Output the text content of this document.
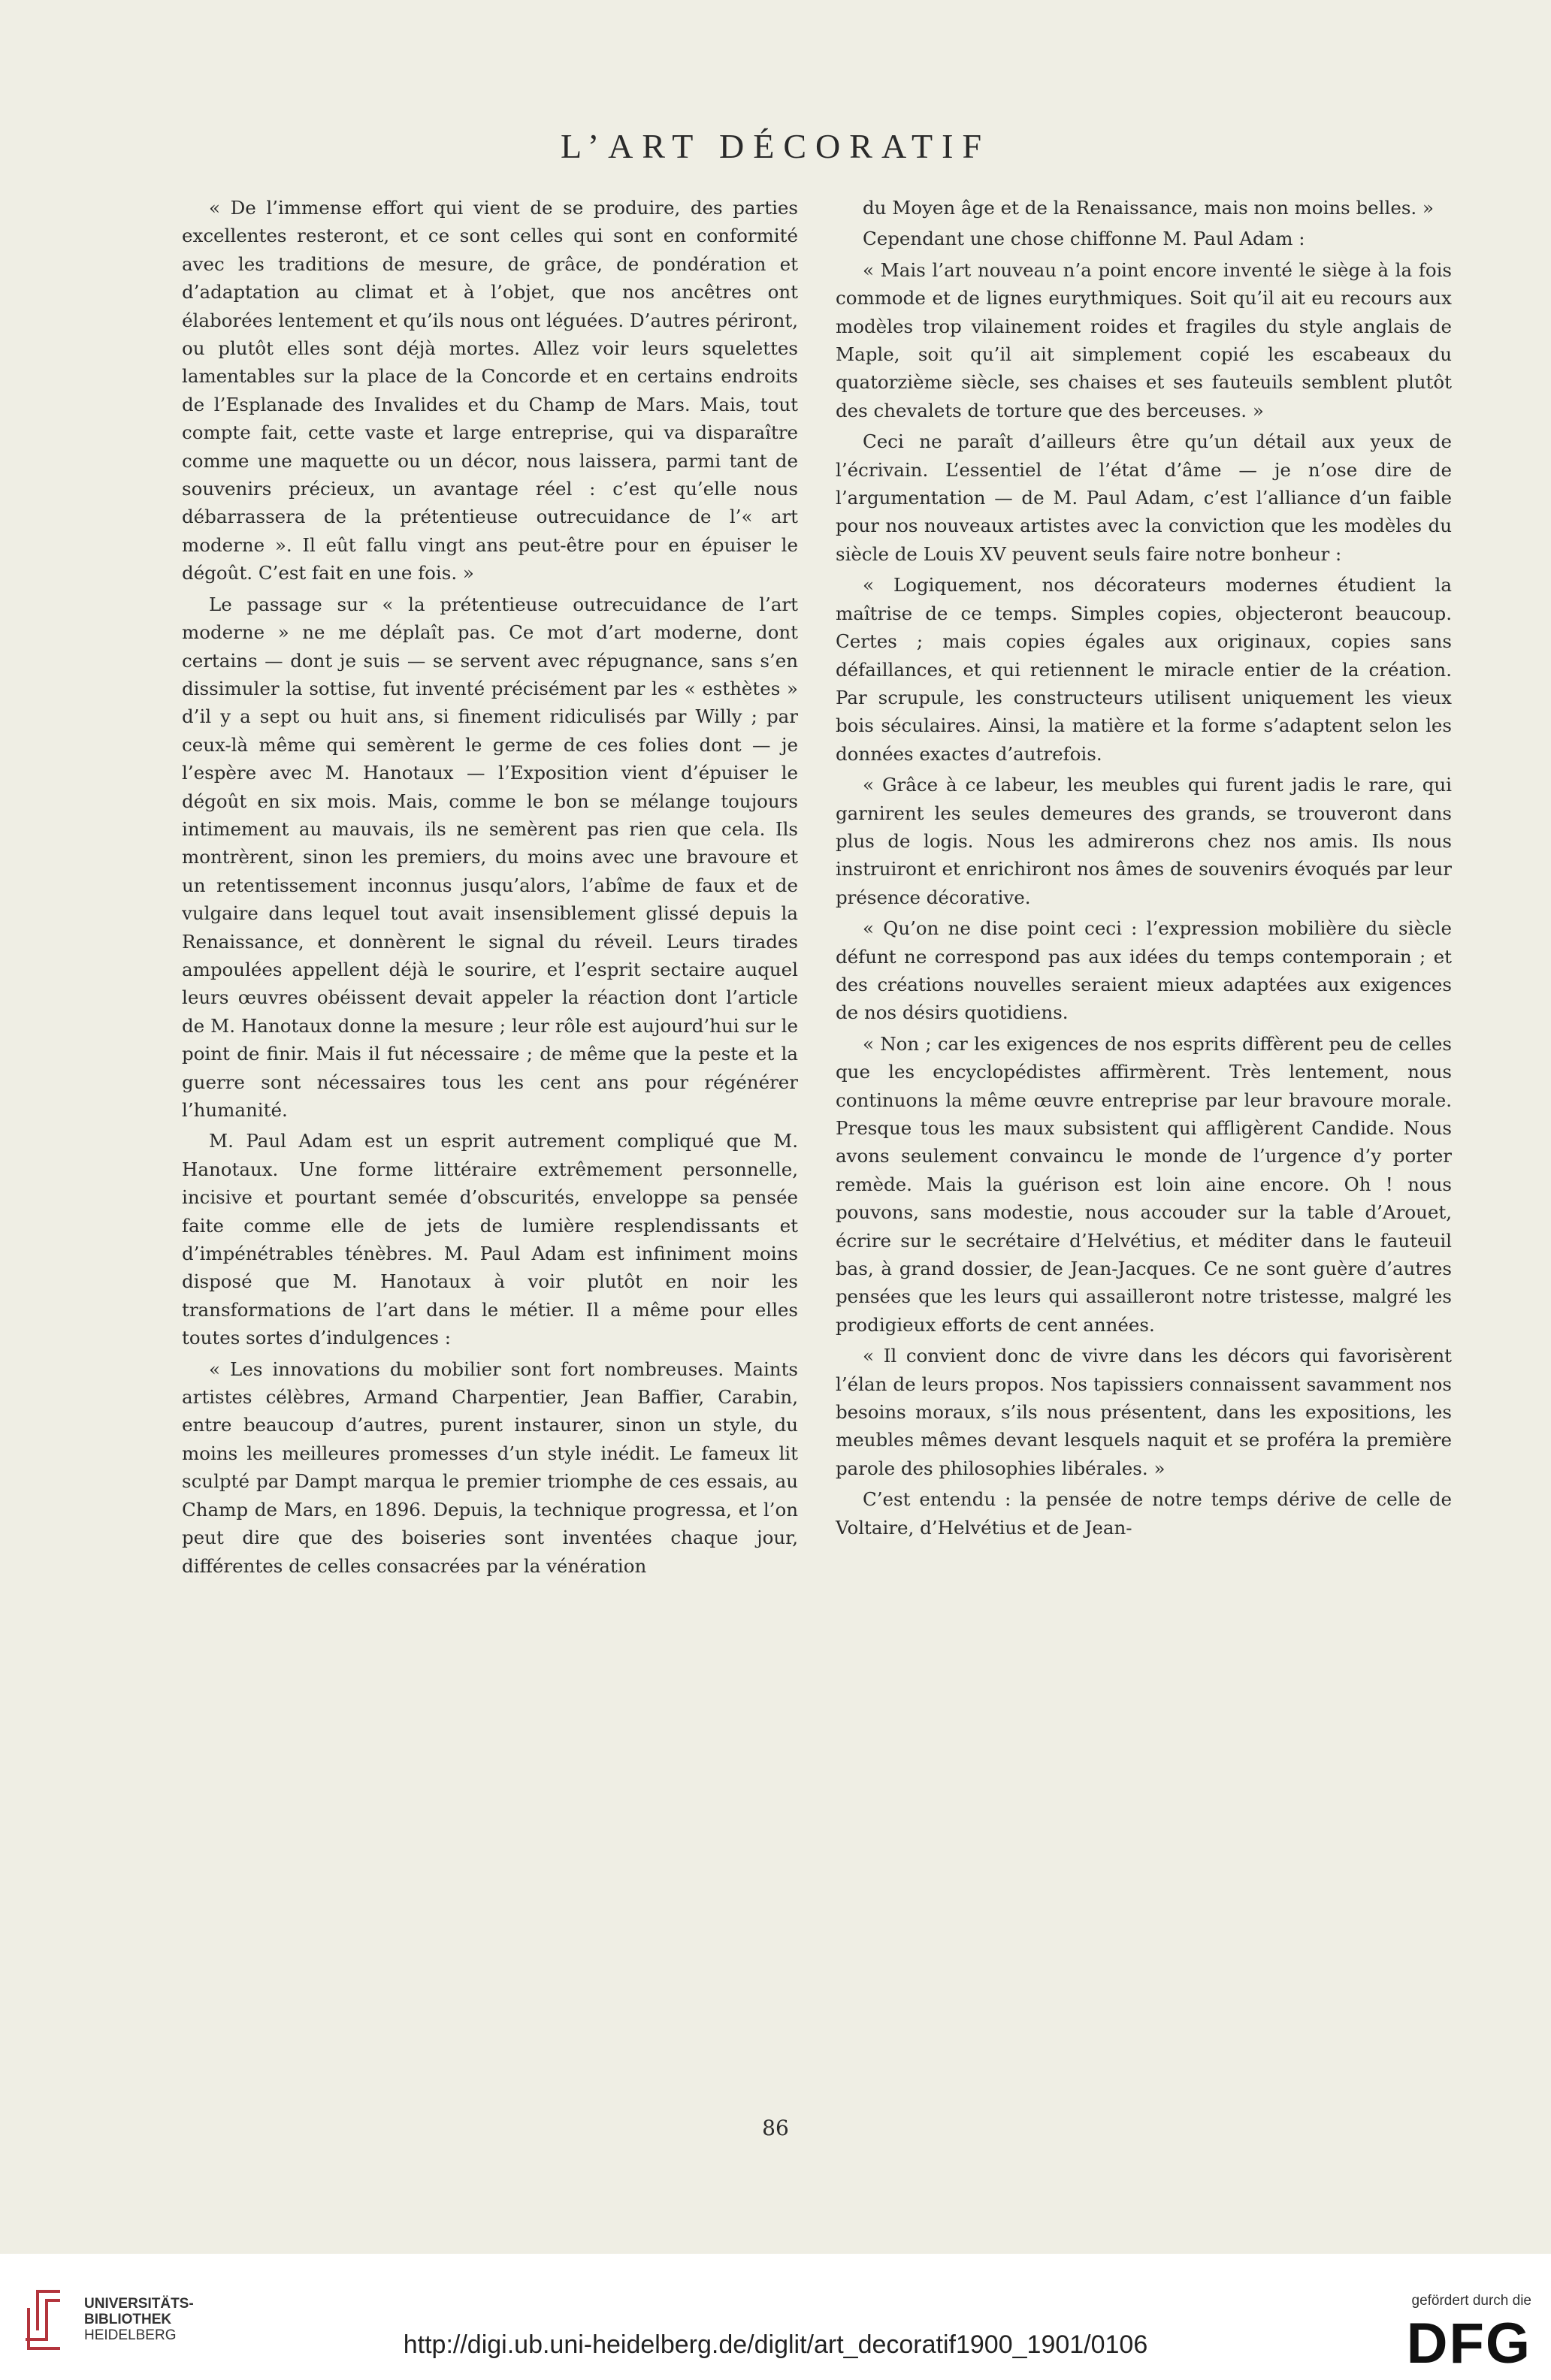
L’ART DÉCORATIF

« De l’immense effort qui vient de se produire, des parties excellentes resteront, et ce sont celles qui sont en conformité avec les traditions de mesure, de grâce, de pondération et d’adaptation au climat et à l’objet, que nos ancêtres ont élaborées lentement et qu’ils nous ont léguées. D’autres périront, ou plutôt elles sont déjà mortes. Allez voir leurs squelettes lamentables sur la place de la Concorde et en certains endroits de l’Esplanade des Invalides et du Champ de Mars. Mais, tout compte fait, cette vaste et large entreprise, qui va disparaître comme une maquette ou un décor, nous laissera, parmi tant de souvenirs précieux, un avantage réel : c’est qu’elle nous débarrassera de la prétentieuse outrecuidance de l’« art moderne ». Il eût fallu vingt ans peut-être pour en épuiser le dégoût. C’est fait en une fois. »

Le passage sur « la prétentieuse outrecuidance de l’art moderne » ne me déplaît pas. Ce mot d’art moderne, dont certains — dont je suis — se servent avec répugnance, sans s’en dissimuler la sottise, fut inventé précisément par les « esthètes » d’il y a sept ou huit ans, si finement ridiculisés par Willy ; par ceux-là même qui semèrent le germe de ces folies dont — je l’espère avec M. Hanotaux — l’Exposition vient d’épuiser le dégoût en six mois. Mais, comme le bon se mélange toujours intimement au mauvais, ils ne semèrent pas rien que cela. Ils montrèrent, sinon les premiers, du moins avec une bravoure et un retentissement inconnus jusqu’alors, l’abîme de faux et de vulgaire dans lequel tout avait insensiblement glissé depuis la Renaissance, et donnèrent le signal du réveil. Leurs tirades ampoulées appellent déjà le sourire, et l’esprit sectaire auquel leurs œuvres obéissent devait appeler la réaction dont l’article de M. Hanotaux donne la mesure ; leur rôle est aujourd’hui sur le point de finir. Mais il fut nécessaire ; de même que la peste et la guerre sont nécessaires tous les cent ans pour régénérer l’humanité.

M. Paul Adam est un esprit autrement compliqué que M. Hanotaux. Une forme littéraire extrêmement personnelle, incisive et pourtant semée d’obscurités, enveloppe sa pensée faite comme elle de jets de lumière resplendissants et d’impénétrables ténèbres. M. Paul Adam est infiniment moins disposé que M. Hanotaux à voir plutôt en noir les transformations de l’art dans le métier. Il a même pour elles toutes sortes d’indulgences :

« Les innovations du mobilier sont fort nombreuses. Maints artistes célèbres, Armand Charpentier, Jean Baffier, Carabin, entre beaucoup d’autres, purent instaurer, sinon un style, du moins les meilleures promesses d’un style inédit. Le fameux lit sculpté par Dampt marqua le premier triomphe de ces essais, au Champ de Mars, en 1896. Depuis, la technique progressa, et l’on peut dire que des boiseries sont inventées chaque jour, différentes de celles consacrées par la vénération

du Moyen âge et de la Renaissance, mais non moins belles. »

Cependant une chose chiffonne M. Paul Adam :

« Mais l’art nouveau n’a point encore inventé le siège à la fois commode et de lignes eurythmiques. Soit qu’il ait eu recours aux modèles trop vilainement roides et fragiles du style anglais de Maple, soit qu’il ait simplement copié les escabeaux du quatorzième siècle, ses chaises et ses fauteuils semblent plutôt des chevalets de torture que des berceuses. »

Ceci ne paraît d’ailleurs être qu’un détail aux yeux de l’écrivain. L’essentiel de l’état d’âme — je n’ose dire de l’argumentation — de M. Paul Adam, c’est l’alliance d’un faible pour nos nouveaux artistes avec la conviction que les modèles du siècle de Louis XV peuvent seuls faire notre bonheur :

« Logiquement, nos décorateurs modernes étudient la maîtrise de ce temps. Simples copies, objecteront beaucoup. Certes ; mais copies égales aux originaux, copies sans défaillances, et qui retiennent le miracle entier de la création. Par scrupule, les constructeurs utilisent uniquement les vieux bois séculaires. Ainsi, la matière et la forme s’adaptent selon les données exactes d’autrefois.

« Grâce à ce labeur, les meubles qui furent jadis le rare, qui garnirent les seules demeures des grands, se trouveront dans plus de logis. Nous les admirerons chez nos amis. Ils nous instruiront et enrichiront nos âmes de souvenirs évoqués par leur présence décorative.

« Qu’on ne dise point ceci : l’expression mobilière du siècle défunt ne correspond pas aux idées du temps contemporain ; et des créations nouvelles seraient mieux adaptées aux exigences de nos désirs quotidiens.

« Non ; car les exigences de nos esprits diffèrent peu de celles que les encyclopédistes affirmèrent. Très lentement, nous continuons la même œuvre entreprise par leur bravoure morale. Presque tous les maux subsistent qui affligèrent Candide. Nous avons seulement convaincu le monde de l’urgence d’y porter remède. Mais la guérison est loin aine encore. Oh ! nous pouvons, sans modestie, nous accouder sur la table d’Arouet, écrire sur le secrétaire d’Helvétius, et méditer dans le fauteuil bas, à grand dossier, de Jean-Jacques. Ce ne sont guère d’autres pensées que les leurs qui assailleront notre tristesse, malgré les prodigieux efforts de cent années.

« Il convient donc de vivre dans les décors qui favorisèrent l’élan de leurs propos. Nos tapissiers connaissent savamment nos besoins moraux, s’ils nous présentent, dans les expositions, les meubles mêmes devant lesquels naquit et se proféra la première parole des philosophies libérales. »

C’est entendu : la pensée de notre temps dérive de celle de Voltaire, d’Helvétius et de Jean-

86
UNIVERSITÄTS-
BIBLIOTHEK
HEIDELBERG	http://digi.ub.uni-heidelberg.de/diglit/art_decoratif1900_1901/0106
gefördert durch die
DFG
